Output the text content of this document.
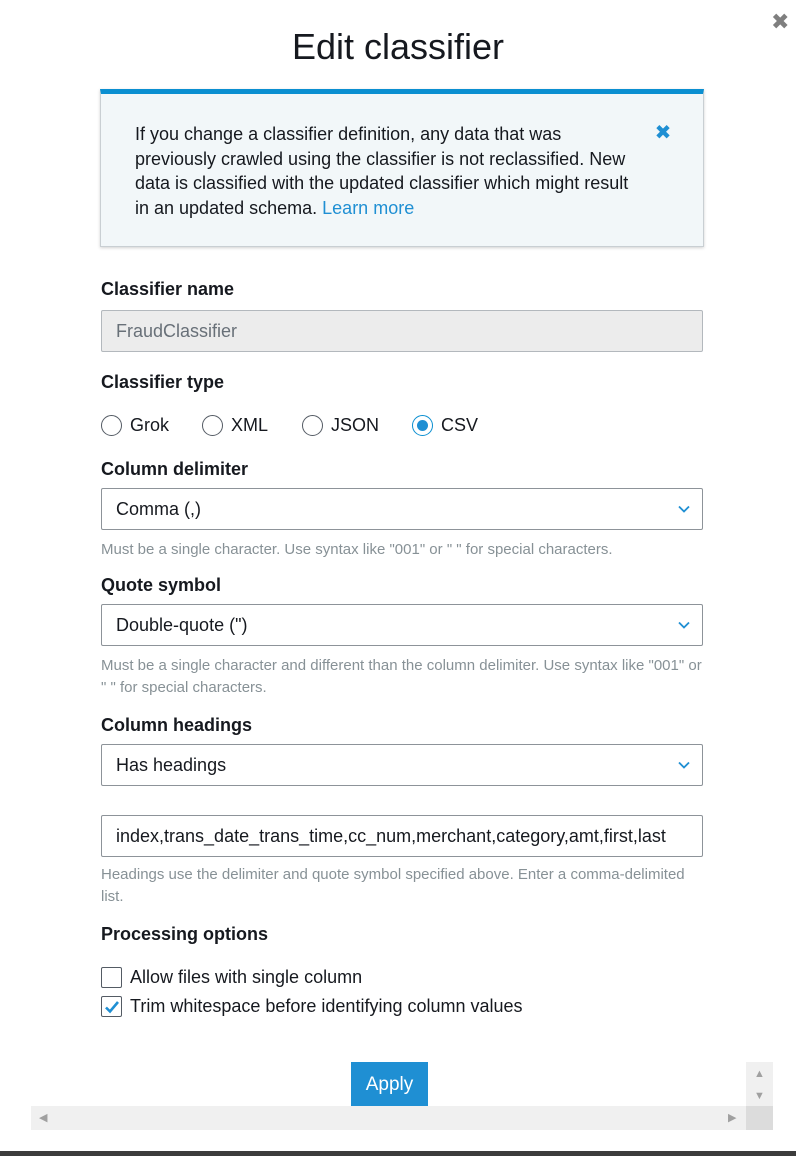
✖
Edit classifier
If you change a classifier definition, any data that was previously crawled using the classifier is not reclassified. New data is classified with the updated classifier which might result in an updated schema. Learn more
✖
Classifier name
FraudClassifier
Classifier type
Grok	XML	JSON	CSV
Column delimiter
Comma (,)
Must be a single character. Use syntax like "001" or " " for special characters.
Quote symbol
Double-quote (")
Must be a single character and different than the column delimiter. Use syntax like "001" or " " for special characters.
Column headings
Has headings
index,trans_date_trans_time,cc_num,merchant,category,amt,first,last
Headings use the delimiter and quote symbol specified above. Enter a comma-delimited list.
Processing options
Allow files with single column
Trim whitespace before identifying column values
Apply	▲
▼
◀	▶
